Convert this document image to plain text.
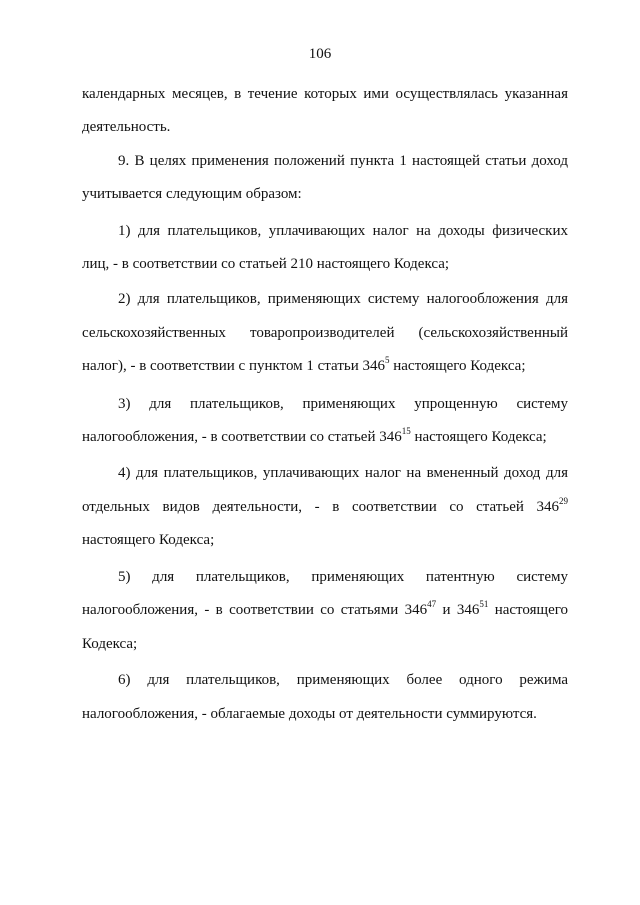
106
календарных месяцев, в течение которых ими осуществлялась указанная
деятельность.
9. В целях применения положений пункта 1 настоящей статьи доход
учитывается следующим образом:
1) для плательщиков, уплачивающих налог на доходы физических
лиц, - в соответствии со статьей 210 настоящего Кодекса;
2) для плательщиков, применяющих систему налогообложения для
сельскохозяйственных товаропроизводителей (сельскохозяйственный
налог), - в соответствии с пунктом 1 статьи $346^5$ настоящего Кодекса;
3) для плательщиков, применяющих упрощенную систему
налогообложения, - в соответствии со статьей $346^{15}$ настоящего Кодекса;
4) для плательщиков, уплачивающих налог на вмененный доход для
отдельных видов деятельности, - в соответствии со статьей $346^{29}$
настоящего Кодекса;
5) для плательщиков, применяющих патентную систему
налогообложения, - в соответствии со статьями $346^{47}$ и $346^{51}$ настоящего
Кодекса;
6) для плательщиков, применяющих более одного режима
налогообложения, - облагаемые доходы от деятельности суммируются.
